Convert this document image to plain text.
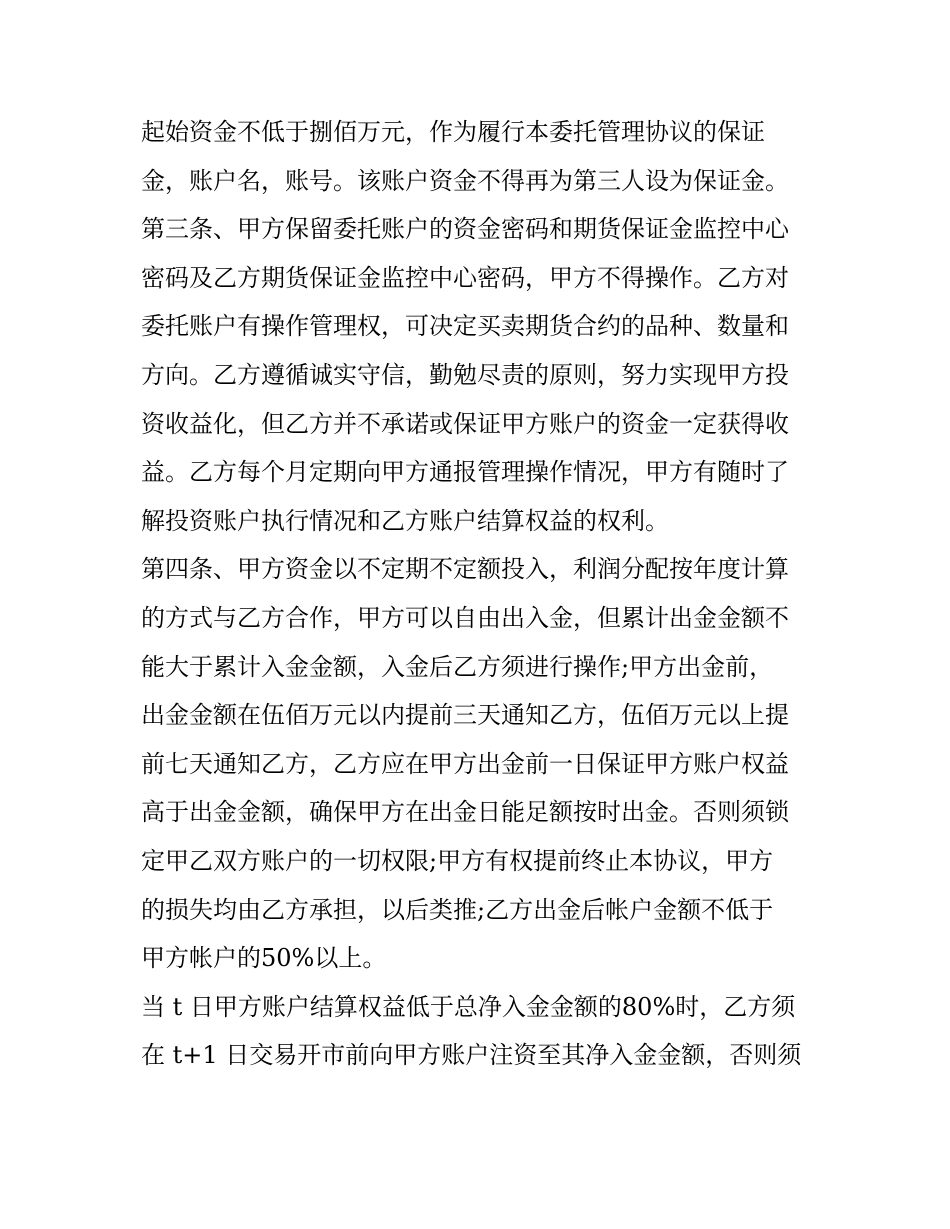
起始资金不低于捌佰万元，作为履行本委托管理协议的保证
金，账户名，账号。该账户资金不得再为第三人设为保证金。
第三条、甲方保留委托账户的资金密码和期货保证金监控中心
密码及乙方期货保证金监控中心密码，甲方不得操作。乙方对
委托账户有操作管理权，可决定买卖期货合约的品种、数量和
方向。乙方遵循诚实守信，勤勉尽责的原则，努力实现甲方投
资收益化，但乙方并不承诺或保证甲方账户的资金一定获得收
益。乙方每个月定期向甲方通报管理操作情况，甲方有随时了
解投资账户执行情况和乙方账户结算权益的权利。
第四条、甲方资金以不定期不定额投入，利润分配按年度计算
的方式与乙方合作，甲方可以自由出入金，但累计出金金额不
能大于累计入金金额，入金后乙方须进行操作;甲方出金前，
出金金额在伍佰万元以内提前三天通知乙方，伍佰万元以上提
前七天通知乙方，乙方应在甲方出金前一日保证甲方账户权益
高于出金金额，确保甲方在出金日能足额按时出金。否则须锁
定甲乙双方账户的一切权限;甲方有权提前终止本协议，甲方
的损失均由乙方承担，以后类推;乙方出金后帐户金额不低于
甲方帐户的50%以上。
当 t 日甲方账户结算权益低于总净入金金额的80%时，乙方须
在 t+1 日交易开市前向甲方账户注资至其净入金金额，否则须
